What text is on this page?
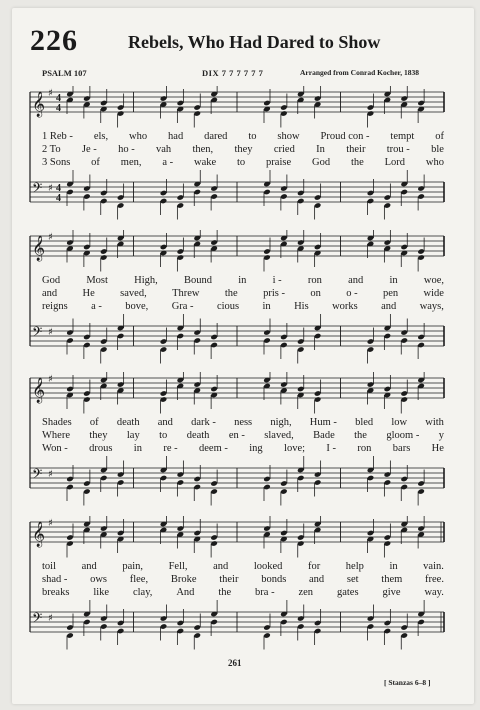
226	Rebels, Who Had Dared to Show
PSALM 107	DIX 7 7 7 7 7 7	Arranged from Conrad Kocher, 1838
𝄞
𝄢
♯
♯
4
4
4
4
1 Reb - els, who had dared to show Proud con - tempt of
2 To Je - ho - vah then, they cried In their trou - ble
3 Sons of men, a - wake to praise God the Lord who
𝄞
𝄢
♯
♯
God Most High, Bound in i - ron and in woe,
and He saved, Threw the pris - on o - pen wide
reigns a - bove, Gra - cious in His works and ways,
𝄞
𝄢
♯
♯
Shades of death and dark - ness nigh, Hum - bled low with
Where they lay to death en - slaved, Bade the gloom - y
Won - drous in re - deem - ing love; I - ron bars He
𝄞
𝄢
♯
♯
toil and pain, Fell, and looked for help in vain.
shad - ows flee, Broke their bonds and set them free.
breaks like clay, And the bra - zen gates give way.
261
[ Stanzas 6–8 ]
